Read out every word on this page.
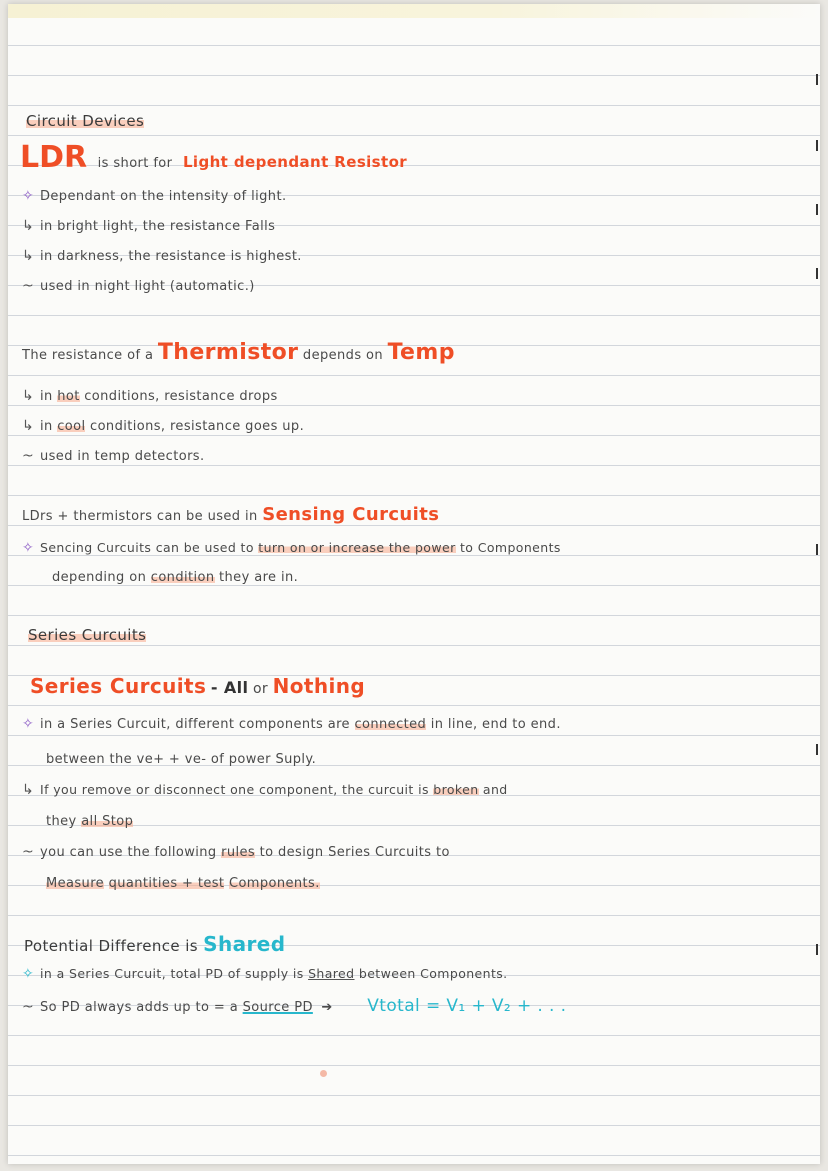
Circuit Devices
LDR is short for Light dependant Resistor
✧ Dependant on the intensity of light.
↳ in bright light, the resistance Falls
↳ in darkness, the resistance is highest.
~ used in night light (automatic.)
The resistance of a Thermistor depends on Temp
↳ in hot conditions, resistance drops
↳ in cool conditions, resistance goes up.
~ used in temp detectors.
LDrs + thermistors can be used in Sensing Curcuits
✧ Sencing Curcuits can be used to turn on or increase the power to Components
depending on condition they are in.
Series Curcuits
Series Curcuits - All or Nothing
✧ in a Series Curcuit, different components are connected in line, end to end.
between the ve+ + ve- of power Suply.
↳ If you remove or disconnect one component, the curcuit is broken and
they all Stop
~ you can use the following rules to design Series Curcuits to
Measure quantities + test Components.
Potential Difference is Shared
✧ in a Series Curcuit, total PD of supply is Shared between Components.
~ So PD always adds up to = a Source PD ➔ Vtotal = V₁ + V₂ + . . .
